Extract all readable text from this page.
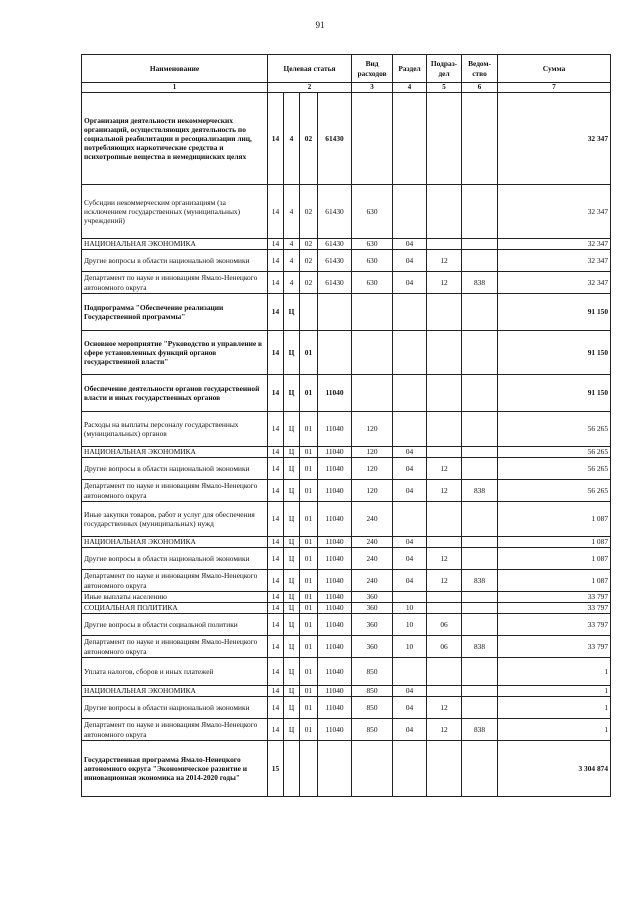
91
Наименование	Целевая статья				Вид расходов	Раздел	Подраз-дел	Ведом-ство	Сумма
1	2				3	4	5	6	7
Организация деятельности некоммерческих организаций, осуществляющих деятельность по социальной реабилитации и ресоциализации лиц, потребляющих наркотические средства и психотропные вещества в немедицинских целях	14	4	02	61430					32 347
Субсидии некоммерческим организациям (за исключением государственных (муниципальных) учреждений)	14	4	02	61430	630				32 347
НАЦИОНАЛЬНАЯ ЭКОНОМИКА	14	4	02	61430	630	04			32 347
Другие вопросы в области национальной экономики	14	4	02	61430	630	04	12		32 347
Департамент по науке и инновациям Ямало-Ненецкого автономного округа	14	4	02	61430	630	04	12	838	32 347
Подпрограмма "Обеспечение реализации Государственной программы"	14	Ц							91 150
Основное мероприятие "Руководство и управление в сфере установленных функций органов государственной власти"	14	Ц	01						91 150
Обеспечение деятельности органов государственной власти и иных государственных органов	14	Ц	01	11040					91 150
Расходы на выплаты персоналу государственных (муниципальных) органов	14	Ц	01	11040	120				56 265
НАЦИОНАЛЬНАЯ ЭКОНОМИКА	14	Ц	01	11040	120	04			56 265
Другие вопросы в области национальной экономики	14	Ц	01	11040	120	04	12		56 265
Департамент по науке и инновациям Ямало-Ненецкого автономного округа	14	Ц	01	11040	120	04	12	838	56 265
Иные закупки товаров, работ и услуг для обеспечения государственных (муниципальных) нужд	14	Ц	01	11040	240				1 087
НАЦИОНАЛЬНАЯ ЭКОНОМИКА	14	Ц	01	11040	240	04			1 087
Другие вопросы в области национальной экономики	14	Ц	01	11040	240	04	12		1 087
Департамент по науке и инновациям Ямало-Ненецкого автономного округа	14	Ц	01	11040	240	04	12	838	1 087
Иные выплаты населению	14	Ц	01	11040	360				33 797
СОЦИАЛЬНАЯ ПОЛИТИКА	14	Ц	01	11040	360	10			33 797
Другие вопросы в области социальной политики	14	Ц	01	11040	360	10	06		33 797
Департамент по науке и инновациям Ямало-Ненецкого автономного округа	14	Ц	01	11040	360	10	06	838	33 797
Уплата налогов, сборов и иных платежей	14	Ц	01	11040	850				1
НАЦИОНАЛЬНАЯ ЭКОНОМИКА	14	Ц	01	11040	850	04			1
Другие вопросы в области национальной экономики	14	Ц	01	11040	850	04	12		1
Департамент по науке и инновациям Ямало-Ненецкого автономного округа	14	Ц	01	11040	850	04	12	838	1
Государственная программа Ямало-Ненецкого автономного округа "Экономическое развитие и инновационная экономика на 2014-2020 годы"	15								3 304 874
